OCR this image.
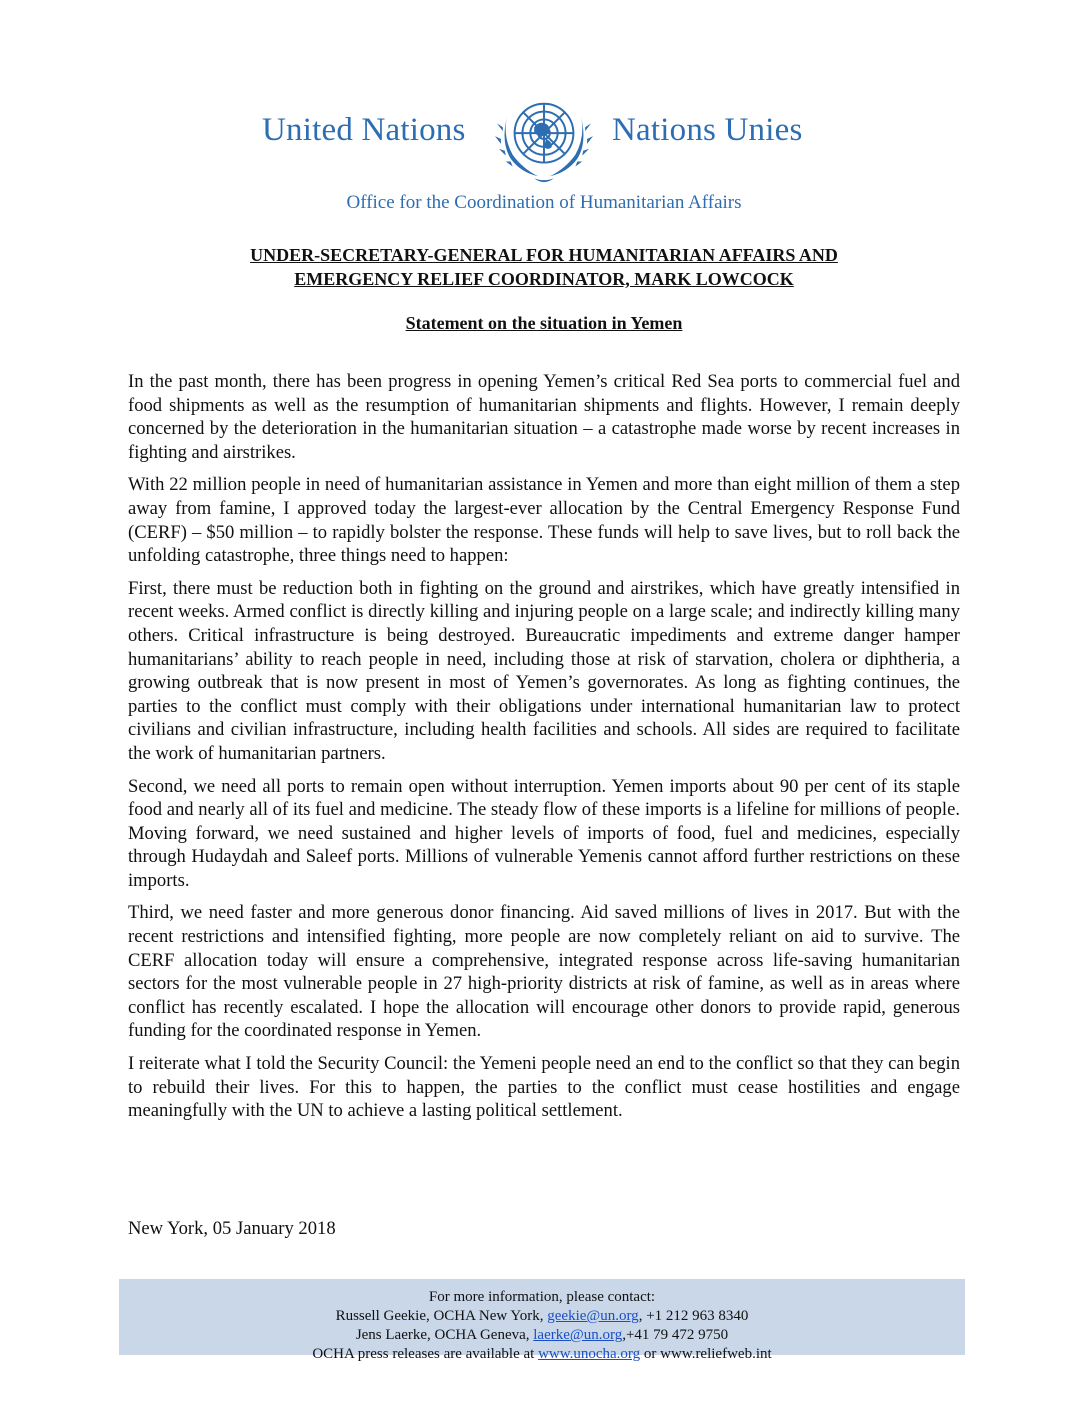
United Nations	Nations Unies
Office for the Coordination of Humanitarian Affairs
UNDER-SECRETARY-GENERAL FOR HUMANITARIAN AFFAIRS AND
EMERGENCY RELIEF COORDINATOR, MARK LOWCOCK
Statement on the situation in Yemen

In the past month, there has been progress in opening Yemen’s critical Red Sea ports to commercial fuel and food shipments as well as the resumption of humanitarian shipments and flights. However, I remain deeply concerned by the deterioration in the humanitarian situation – a catastrophe made worse by recent increases in fighting and airstrikes.

With 22 million people in need of humanitarian assistance in Yemen and more than eight million of them a step away from famine, I approved today the largest-ever allocation by the Central Emergency Response Fund (CERF) – $50 million – to rapidly bolster the response. These funds will help to save lives, but to roll back the unfolding catastrophe, three things need to happen:

First, there must be reduction both in fighting on the ground and airstrikes, which have greatly intensified in recent weeks. Armed conflict is directly killing and injuring people on a large scale; and indirectly killing many others. Critical infrastructure is being destroyed. Bureaucratic impediments and extreme danger hamper humanitarians’ ability to reach people in need, including those at risk of starvation, cholera or diphtheria, a growing outbreak that is now present in most of Yemen’s governorates. As long as fighting continues, the parties to the conflict must comply with their obligations under international humanitarian law to protect civilians and civilian infrastructure, including health facilities and schools. All sides are required to facilitate the work of humanitarian partners.

Second, we need all ports to remain open without interruption. Yemen imports about 90 per cent of its staple food and nearly all of its fuel and medicine. The steady flow of these imports is a lifeline for millions of people. Moving forward, we need sustained and higher levels of imports of food, fuel and medicines, especially through Hudaydah and Saleef ports. Millions of vulnerable Yemenis cannot afford further restrictions on these imports.

Third, we need faster and more generous donor financing. Aid saved millions of lives in 2017. But with the recent restrictions and intensified fighting, more people are now completely reliant on aid to survive. The CERF allocation today will ensure a comprehensive, integrated response across life-saving humanitarian sectors for the most vulnerable people in 27 high-priority districts at risk of famine, as well as in areas where conflict has recently escalated. I hope the allocation will encourage other donors to provide rapid, generous funding for the coordinated response in Yemen.

I reiterate what I told the Security Council: the Yemeni people need an end to the conflict so that they can begin to rebuild their lives. For this to happen, the parties to the conflict must cease hostilities and engage meaningfully with the UN to achieve a lasting political settlement.

New York, 05 January 2018
For more information, please contact:
Russell Geekie, OCHA New York, geekie@un.org, +1 212 963 8340
Jens Laerke, OCHA Geneva, laerke@un.org,+41 79 472 9750
OCHA press releases are available at www.unocha.org or www.reliefweb.int
